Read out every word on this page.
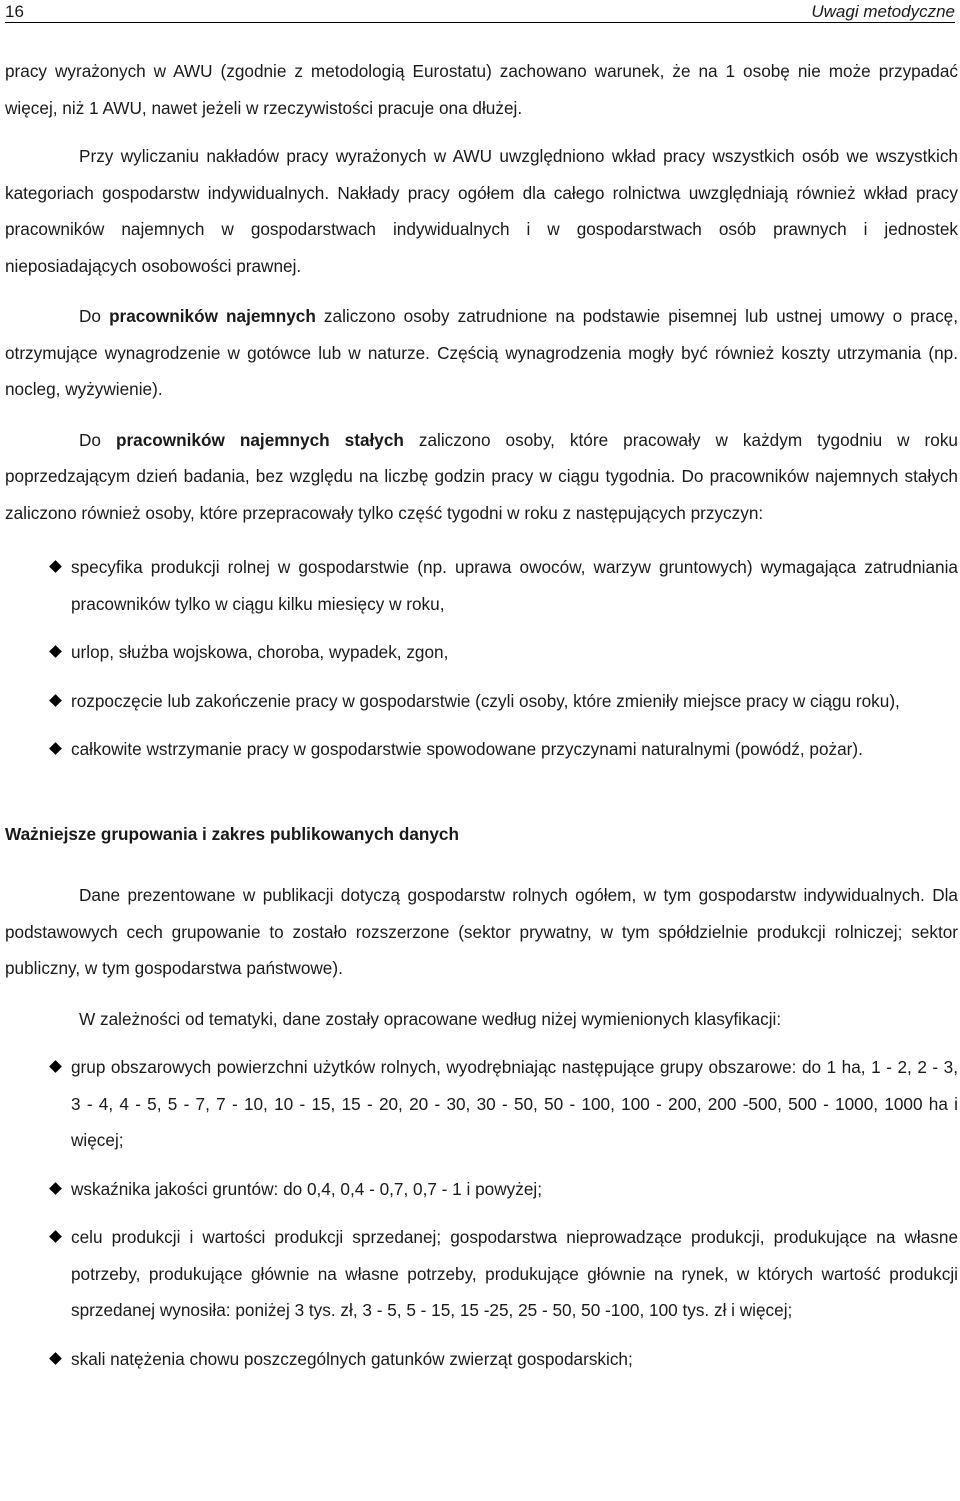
16	Uwagi metodyczne

pracy wyrażonych w AWU (zgodnie z metodologią Eurostatu) zachowano warunek, że na 1 osobę nie może przypadać więcej, niż 1 AWU, nawet jeżeli w rzeczywistości pracuje ona dłużej.

Przy wyliczaniu nakładów pracy wyrażonych w AWU uwzględniono wkład pracy wszystkich osób we wszystkich kategoriach gospodarstw indywidualnych. Nakłady pracy ogółem dla całego rolnictwa uwzględniają również wkład pracy pracowników najemnych w gospodarstwach indywidualnych i w gospodarstwach osób prawnych i jednostek nieposiadających osobowości prawnej.

Do pracowników najemnych zaliczono osoby zatrudnione na podstawie pisemnej lub ustnej umowy o pracę, otrzymujące wynagrodzenie w gotówce lub w naturze. Częścią wynagrodzenia mogły być również koszty utrzymania (np. nocleg, wyżywienie).

Do pracowników najemnych stałych zaliczono osoby, które pracowały w każdym tygodniu w roku poprzedzającym dzień badania, bez względu na liczbę godzin pracy w ciągu tygodnia. Do pracowników najemnych stałych zaliczono również osoby, które przepracowały tylko część tygodni w roku z następujących przyczyn:

specyfika produkcji rolnej w gospodarstwie (np. uprawa owoców, warzyw gruntowych) wymagająca zatrudniania pracowników tylko w ciągu kilku miesięcy w roku,
urlop, służba wojskowa, choroba, wypadek, zgon,
rozpoczęcie lub zakończenie pracy w gospodarstwie (czyli osoby, które zmieniły miejsce pracy w ciągu roku),
całkowite wstrzymanie pracy w gospodarstwie spowodowane przyczynami naturalnymi (powódź, pożar).

Ważniejsze grupowania i zakres publikowanych danych

Dane prezentowane w publikacji dotyczą gospodarstw rolnych ogółem, w tym gospodarstw indywidualnych. Dla podstawowych cech grupowanie to zostało rozszerzone (sektor prywatny, w tym spółdzielnie produkcji rolniczej; sektor publiczny, w tym gospodarstwa państwowe).

W zależności od tematyki, dane zostały opracowane według niżej wymienionych klasyfikacji:

grup obszarowych powierzchni użytków rolnych, wyodrębniając następujące grupy obszarowe: do 1 ha, 1 - 2, 2 - 3, 3 - 4, 4 - 5, 5 - 7, 7 - 10, 10 - 15, 15 - 20, 20 - 30, 30 - 50, 50 - 100, 100 - 200, 200 -500, 500 - 1000, 1000 ha i więcej;
wskaźnika jakości gruntów: do 0,4, 0,4 - 0,7, 0,7 - 1 i powyżej;
celu produkcji i wartości produkcji sprzedanej; gospodarstwa nieprowadzące produkcji, produkujące na własne potrzeby, produkujące głównie na własne potrzeby, produkujące głównie na rynek, w których wartość produkcji sprzedanej wynosiła: poniżej 3 tys. zł, 3 - 5, 5 - 15, 15 -25, 25 - 50, 50 -100, 100 tys. zł i więcej;
skali natężenia chowu poszczególnych gatunków zwierząt gospodarskich;
